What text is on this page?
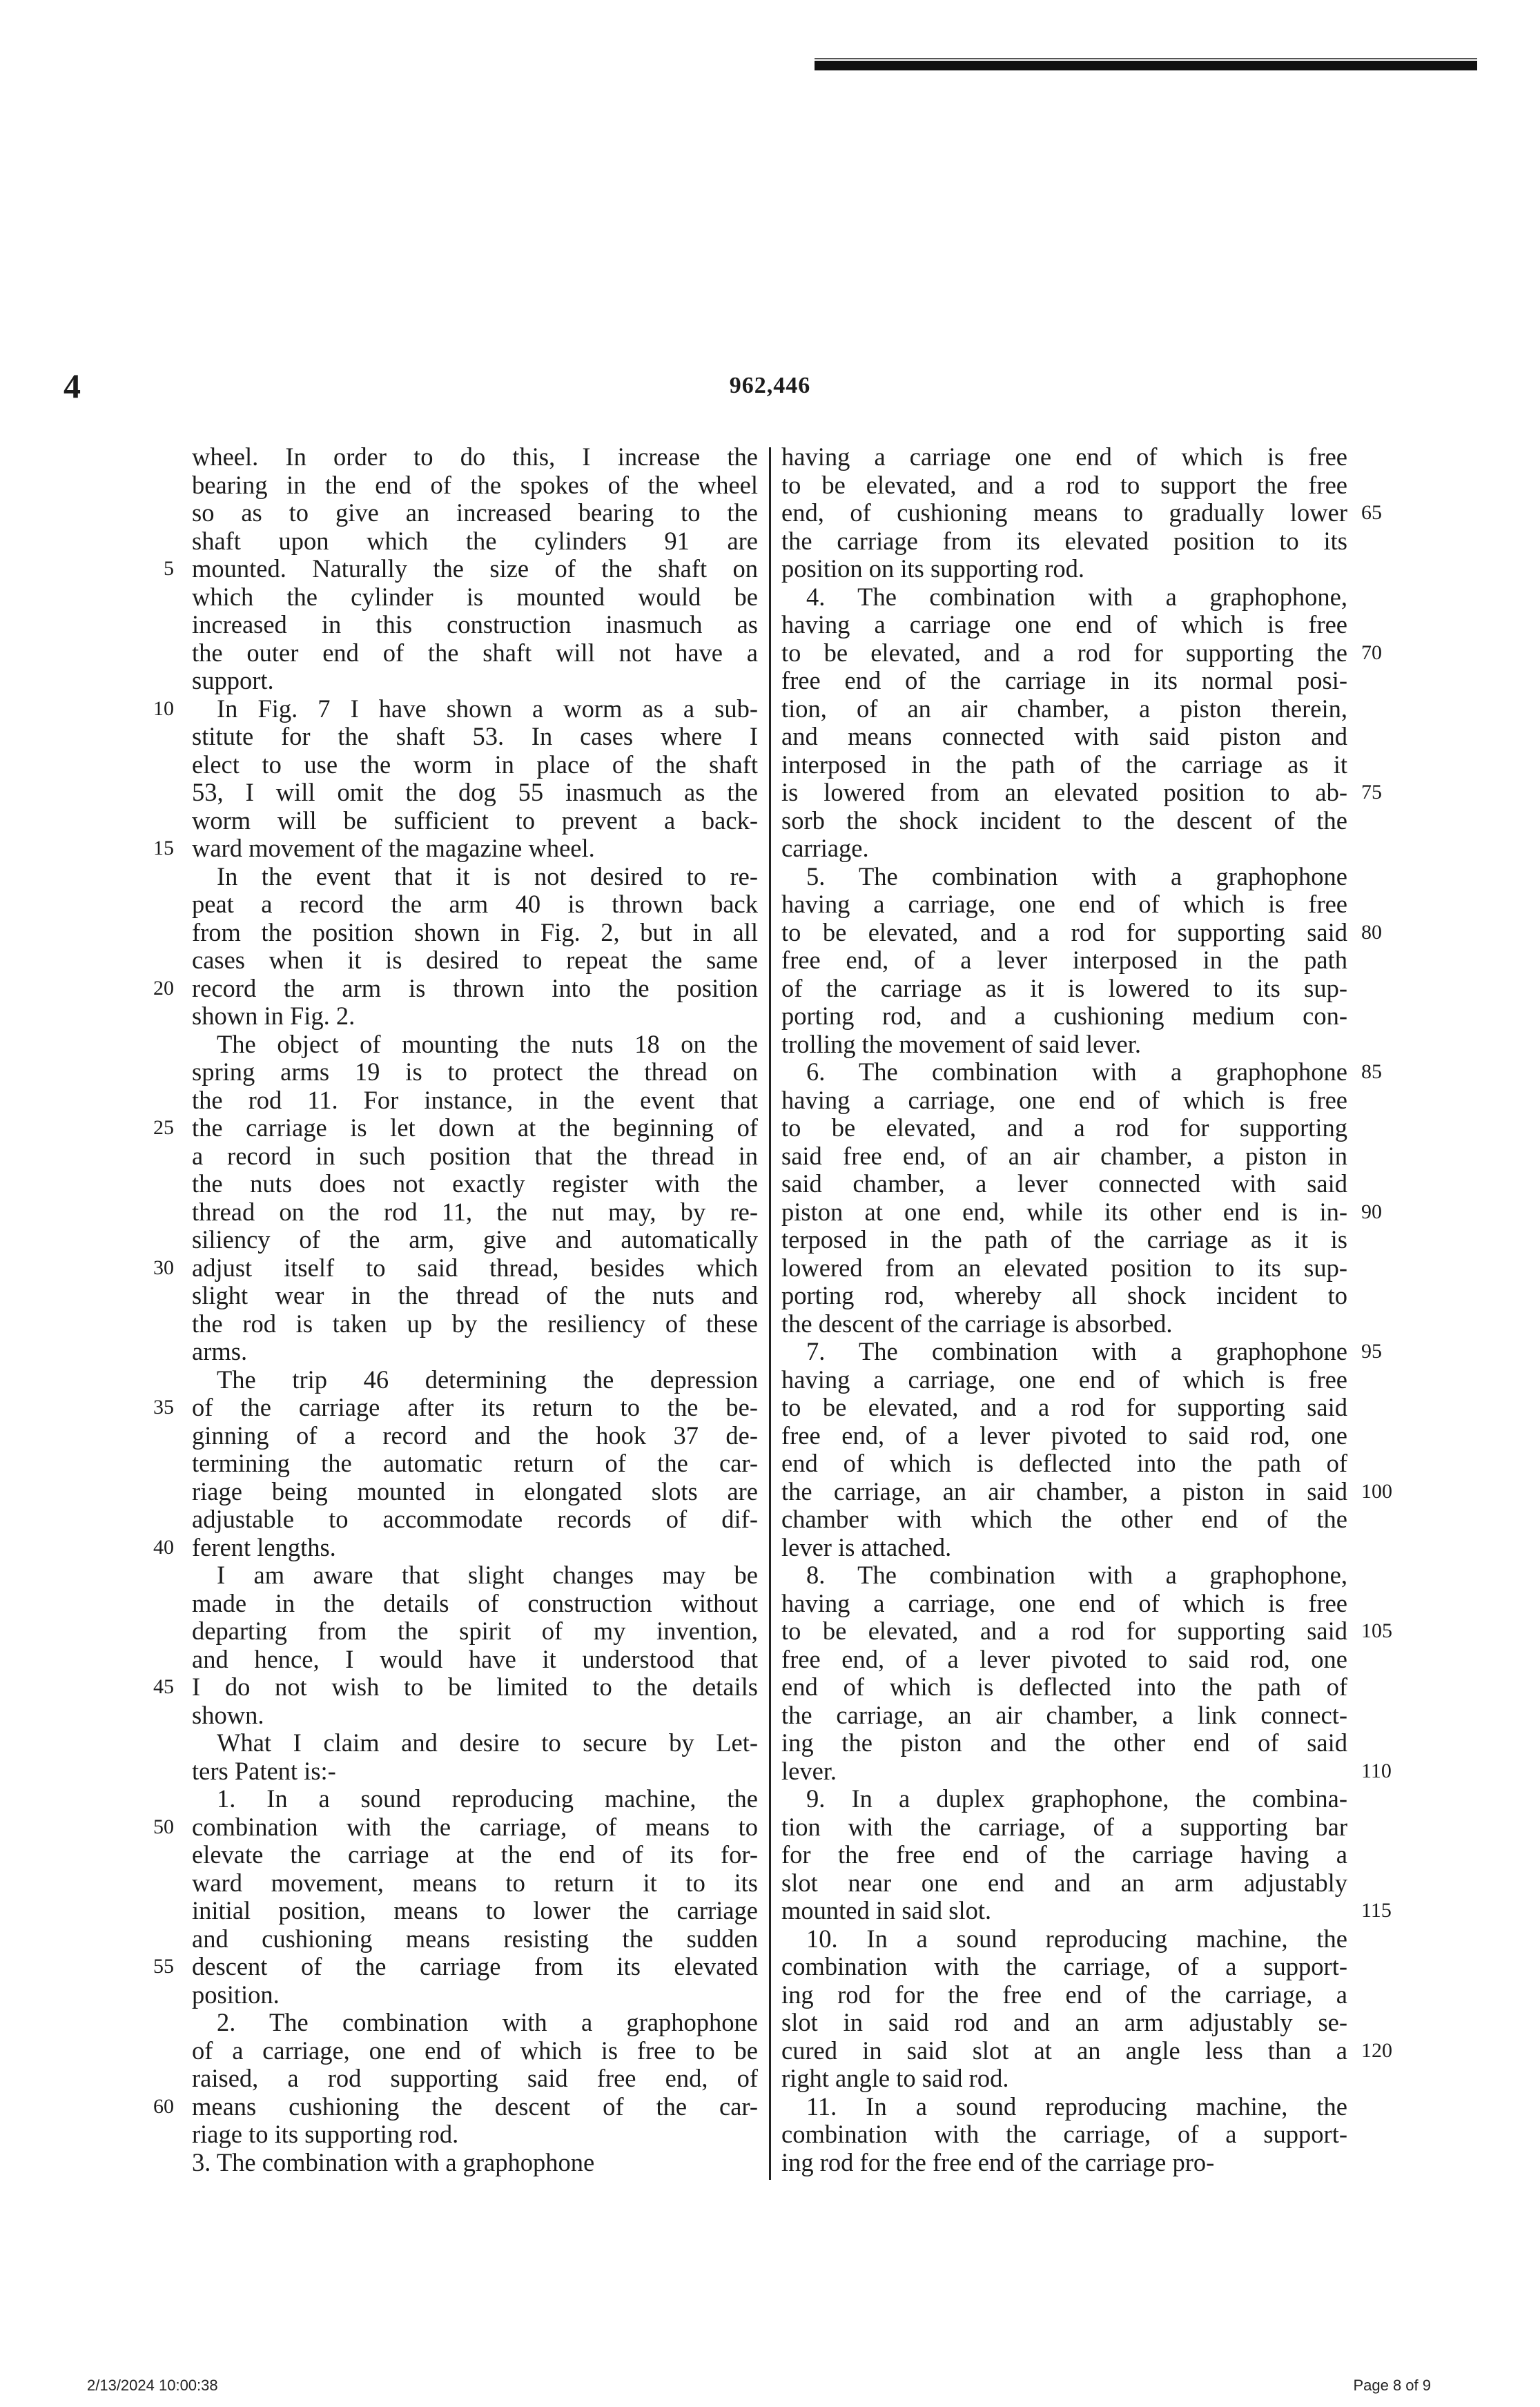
4	962,446
5
10
15
20
25
30
35
40
45
50
55
60
wheel. In order to do this, I increase the
bearing in the end of the spokes of the wheel
so as to give an increased bearing to the
shaft upon which the cylinders 91 are
mounted. Naturally the size of the shaft on
which the cylinder is mounted would be
increased in this construction inasmuch as
the outer end of the shaft will not have a
support.
In Fig. 7 I have shown a worm as a sub-
stitute for the shaft 53. In cases where I
elect to use the worm in place of the shaft
53, I will omit the dog 55 inasmuch as the
worm will be sufficient to prevent a back-
ward movement of the magazine wheel.
In the event that it is not desired to re-
peat a record the arm 40 is thrown back
from the position shown in Fig. 2, but in all
cases when it is desired to repeat the same
record the arm is thrown into the position
shown in Fig. 2.
The object of mounting the nuts 18 on the
spring arms 19 is to protect the thread on
the rod 11. For instance, in the event that
the carriage is let down at the beginning of
a record in such position that the thread in
the nuts does not exactly register with the
thread on the rod 11, the nut may, by re-
siliency of the arm, give and automatically
adjust itself to said thread, besides which
slight wear in the thread of the nuts and
the rod is taken up by the resiliency of these
arms.
The trip 46 determining the depression
of the carriage after its return to the be-
ginning of a record and the hook 37 de-
termining the automatic return of the car-
riage being mounted in elongated slots are
adjustable to accommodate records of dif-
ferent lengths.
I am aware that slight changes may be
made in the details of construction without
departing from the spirit of my invention,
and hence, I would have it understood that
I do not wish to be limited to the details
shown.
What I claim and desire to secure by Let-
ters Patent is:-
1. In a sound reproducing machine, the
combination with the carriage, of means to
elevate the carriage at the end of its for-
ward movement, means to return it to its
initial position, means to lower the carriage
and cushioning means resisting the sudden
descent of the carriage from its elevated
position.
2. The combination with a graphophone
of a carriage, one end of which is free to be
raised, a rod supporting said free end, of
means cushioning the descent of the car-
riage to its supporting rod.
3. The combination with a graphophone
having a carriage one end of which is free
to be elevated, and a rod to support the free
end, of cushioning means to gradually lower
the carriage from its elevated position to its
position on its supporting rod.
4. The combination with a graphophone,
having a carriage one end of which is free
to be elevated, and a rod for supporting the
free end of the carriage in its normal posi-
tion, of an air chamber, a piston therein,
and means connected with said piston and
interposed in the path of the carriage as it
is lowered from an elevated position to ab-
sorb the shock incident to the descent of the
carriage.
5. The combination with a graphophone
having a carriage, one end of which is free
to be elevated, and a rod for supporting said
free end, of a lever interposed in the path
of the carriage as it is lowered to its sup-
porting rod, and a cushioning medium con-
trolling the movement of said lever.
6. The combination with a graphophone
having a carriage, one end of which is free
to be elevated, and a rod for supporting
said free end, of an air chamber, a piston in
said chamber, a lever connected with said
piston at one end, while its other end is in-
terposed in the path of the carriage as it is
lowered from an elevated position to its sup-
porting rod, whereby all shock incident to
the descent of the carriage is absorbed.
7. The combination with a graphophone
having a carriage, one end of which is free
to be elevated, and a rod for supporting said
free end, of a lever pivoted to said rod, one
end of which is deflected into the path of
the carriage, an air chamber, a piston in said
chamber with which the other end of the
lever is attached.
8. The combination with a graphophone,
having a carriage, one end of which is free
to be elevated, and a rod for supporting said
free end, of a lever pivoted to said rod, one
end of which is deflected into the path of
the carriage, an air chamber, a link connect-
ing the piston and the other end of said
lever.
9. In a duplex graphophone, the combina-
tion with the carriage, of a supporting bar
for the free end of the carriage having a
slot near one end and an arm adjustably
mounted in said slot.
10. In a sound reproducing machine, the
combination with the carriage, of a support-
ing rod for the free end of the carriage, a
slot in said rod and an arm adjustably se-
cured in said slot at an angle less than a
right angle to said rod.
11. In a sound reproducing machine, the
combination with the carriage, of a support-
ing rod for the free end of the carriage pro-
65
70
75
80
85
90
95
100
105
110
115
120
2/13/2024 10:00:38	Page 8 of 9
